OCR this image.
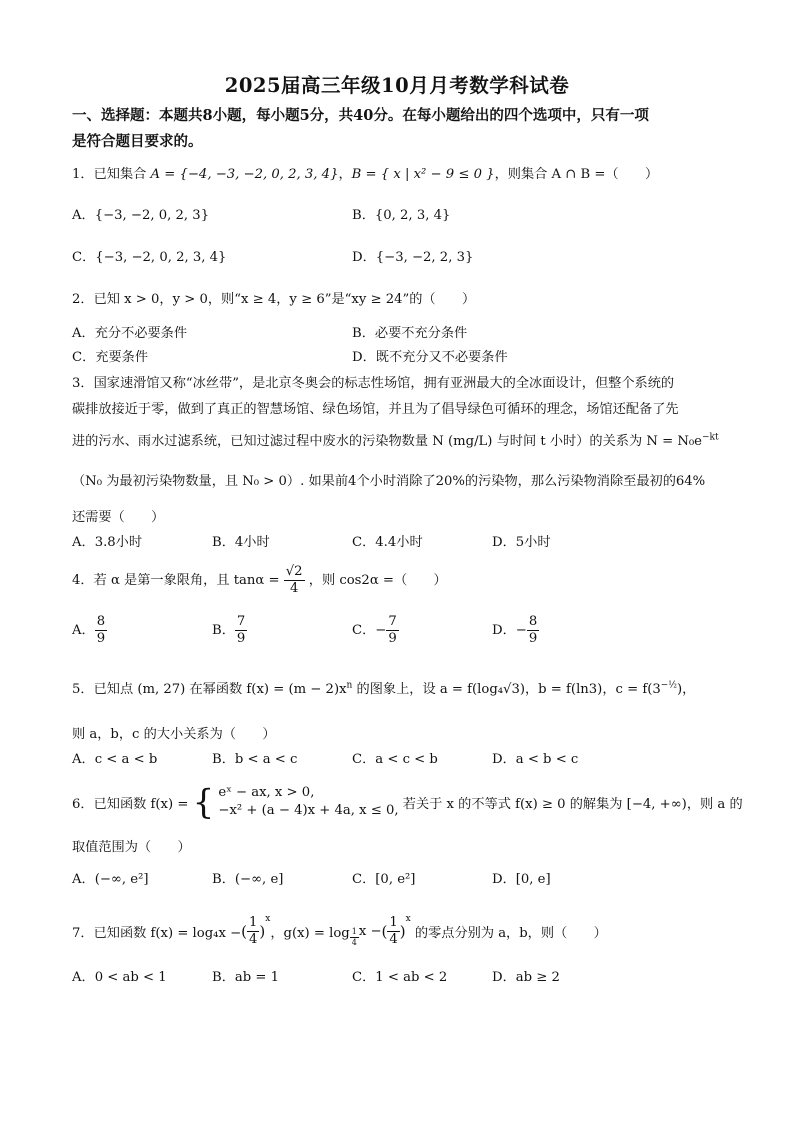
2025届高三年级10月月考数学科试卷
一、选择题：本题共8小题，每小题5分，共40分。在每小题给出的四个选项中，只有一项
是符合题目要求的。
1．已知集合 A = {−4, −3, −2, 0, 2, 3, 4}，B = { x | x² − 9 ≤ 0 }，则集合 A ∩ B =（　　）
A．{−3, −2, 0, 2, 3}	B．{0, 2, 3, 4}
C．{−3, −2, 0, 2, 3, 4}	D．{−3, −2, 2, 3}
2．已知 x > 0，y > 0，则“x ≥ 4，y ≥ 6”是“xy ≥ 24”的（　　）
A．充分不必要条件	B．必要不充分条件
C．充要条件	D．既不充分又不必要条件
3．国家速滑馆又称“冰丝带”，是北京冬奥会的标志性场馆，拥有亚洲最大的全冰面设计，但整个系统的
碳排放接近于零，做到了真正的智慧场馆、绿色场馆，并且为了倡导绿色可循环的理念，场馆还配备了先
进的污水、雨水过滤系统，已知过滤过程中废水的污染物数量 N (mg/L) 与时间 t 小时）的关系为 $N = N_0e^{-kt}$
（N₀ 为最初污染物数量，且 N₀ > 0）. 如果前4个小时消除了20%的污染物，那么污染物消除至最初的64%
还需要（　　）
A．3.8小时	B．4小时	C．4.4小时	D．5小时
4．若 α 是第一象限角，且 $\tan\alpha = \frac{√2}{4}$ ，则 cos2α =（　　）
A． $\frac{8}{9}$	B． $\frac{7}{9}$	C．− $\frac{7}{9}$	D．− $\frac{8}{9}$
5．已知点 (m, 27) 在幂函数 $f(x) = (m - 2)x^n$ 的图象上，设 a = f(log₄√3)，b = f(ln3)，$c = f(3^{-\frac{1}{2}})$，
则 a，b，c 的大小关系为（　　）
A．c < a < b	B．b < a < c	C．a < c < b	D．a < b < c
6．已知函数 f(x) = { eˣ − ax, x > 0,
−x² + (a − 4)x + 4a, x ≤ 0, 若关于 x 的不等式 f(x) ≥ 0 的解集为 [−4, +∞)，则 a 的
取值范围为（　　）
A．(−∞, e²]	B．(−∞, e]	C．[0, e²]	D．[0, e]
7．已知函数 f(x) = log₄x −( $\frac{1}{4} )^x$，$g(x) = \log \frac{1}{4}$ x −( $\frac{1}{4} )^x$ 的零点分别为 a，b，则（　　）
A．0 < ab < 1	B．ab = 1	C．1 < ab < 2	D．ab ≥ 2
